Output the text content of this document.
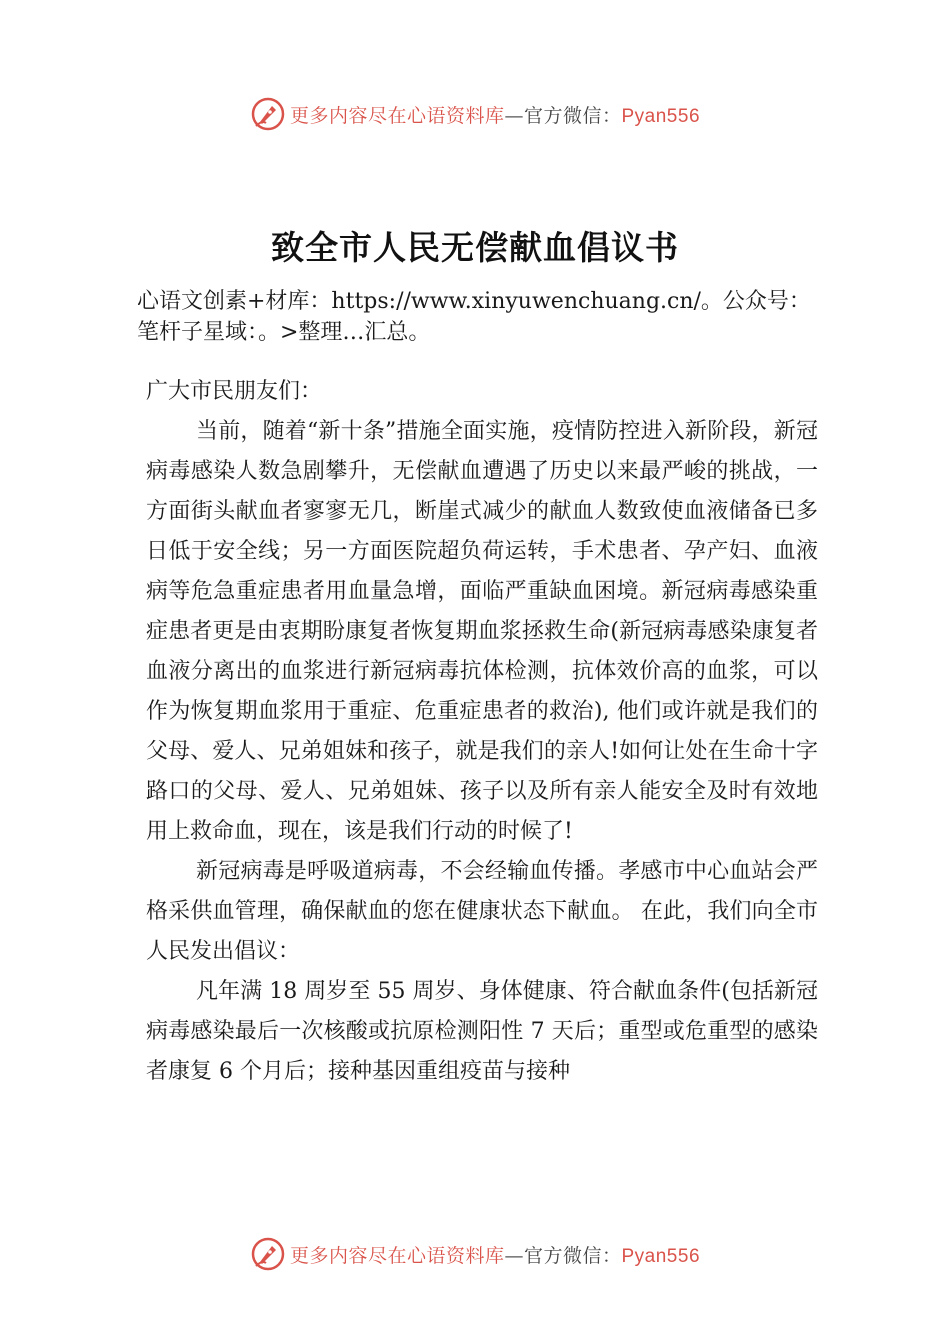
更多内容尽在心语资料库—官方微信：Pyan556
致全市人民无偿献血倡议书

心语文创素+材库：https://www.xinyuwenchuang.cn/。公众号：笔杆子星域：。>整理…汇总。

广大市民朋友们：

当前，随着“新十条”措施全面实施，疫情防控进入新阶段，新冠病毒感染人数急剧攀升，无偿献血遭遇了历史以来最严峻的挑战，一方面街头献血者寥寥无几，断崖式减少的献血人数致使血液储备已多日低于安全线；另一方面医院超负荷运转，手术患者、孕产妇、血液病等危急重症患者用血量急增，面临严重缺血困境。新冠病毒感染重症患者更是由衷期盼康复者恢复期血浆拯救生命(新冠病毒感染康复者血液分离出的血浆进行新冠病毒抗体检测，抗体效价高的血浆，可以作为恢复期血浆用于重症、危重症患者的救治), 他们或许就是我们的父母、爱人、兄弟姐妹和孩子，就是我们的亲人!如何让处在生命十字路口的父母、爱人、兄弟姐妹、孩子以及所有亲人能安全及时有效地用上救命血，现在，该是我们行动的时候了!

新冠病毒是呼吸道病毒，不会经输血传播。孝感市中心血站会严格采供血管理，确保献血的您在健康状态下献血。 在此，我们向全市人民发出倡议：

凡年满 18 周岁至 55 周岁、身体健康、符合献血条件(包括新冠病毒感染最后一次核酸或抗原检测阳性 7 天后；重型或危重型的感染者康复 6 个月后；接种基因重组疫苗与接种

更多内容尽在心语资料库—官方微信：Pyan556
